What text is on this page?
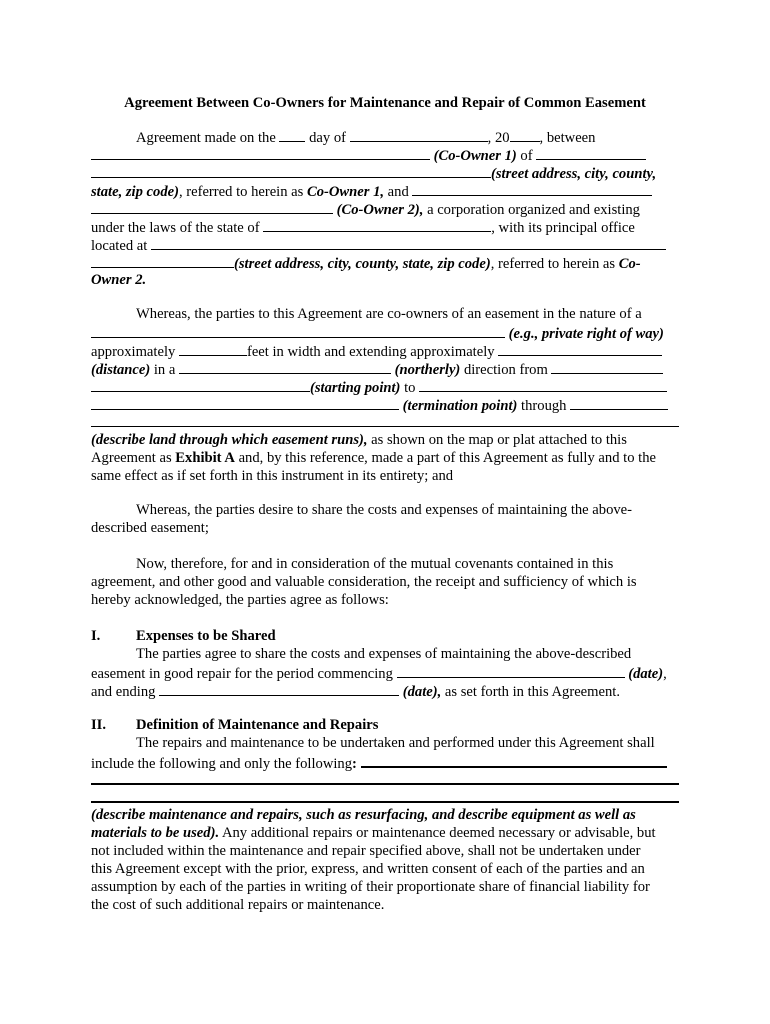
Agreement Between Co-Owners for Maintenance and Repair of Common Easement
Agreement made on the  day of	, 20 , between
(Co-Owner 1) of
(street address, city, county,
state, zip code), referred to herein as Co-Owner 1, and
(Co-Owner 2), a corporation organized and existing
under the laws of the state of	, with its principal office
located at
(street address, city, county, state, zip code), referred to herein as Co-
Owner 2.
Whereas, the parties to this Agreement are co-owners of an easement in the nature of a
(e.g., private right of way)
approximately	feet in width and extending approximately
(distance) in a	(northerly) direction from
(starting point) to
(termination point) through
(describe land through which easement runs), as shown on the map or plat attached to this
Agreement as Exhibit A and, by this reference, made a part of this Agreement as fully and to the
same effect as if set forth in this instrument in its entirety; and
Whereas, the parties desire to share the costs and expenses of maintaining the above-
described easement;
Now, therefore, for and in consideration of the mutual covenants contained in this
agreement, and other good and valuable consideration, the receipt and sufficiency of which is
hereby acknowledged, the parties agree as follows:
I. Expenses to be Shared
The parties agree to share the costs and expenses of maintaining the above-described
easement in good repair for the period commencing	(date),
and ending	(date), as set forth in this Agreement.
II. Definition of Maintenance and Repairs
The repairs and maintenance to be undertaken and performed under this Agreement shall
include the following and only the following:
(describe maintenance and repairs, such as resurfacing, and describe equipment as well as
materials to be used). Any additional repairs or maintenance deemed necessary or advisable, but
not included within the maintenance and repair specified above, shall not be undertaken under
this Agreement except with the prior, express, and written consent of each of the parties and an
assumption by each of the parties in writing of their proportionate share of financial liability for
the cost of such additional repairs or maintenance.
